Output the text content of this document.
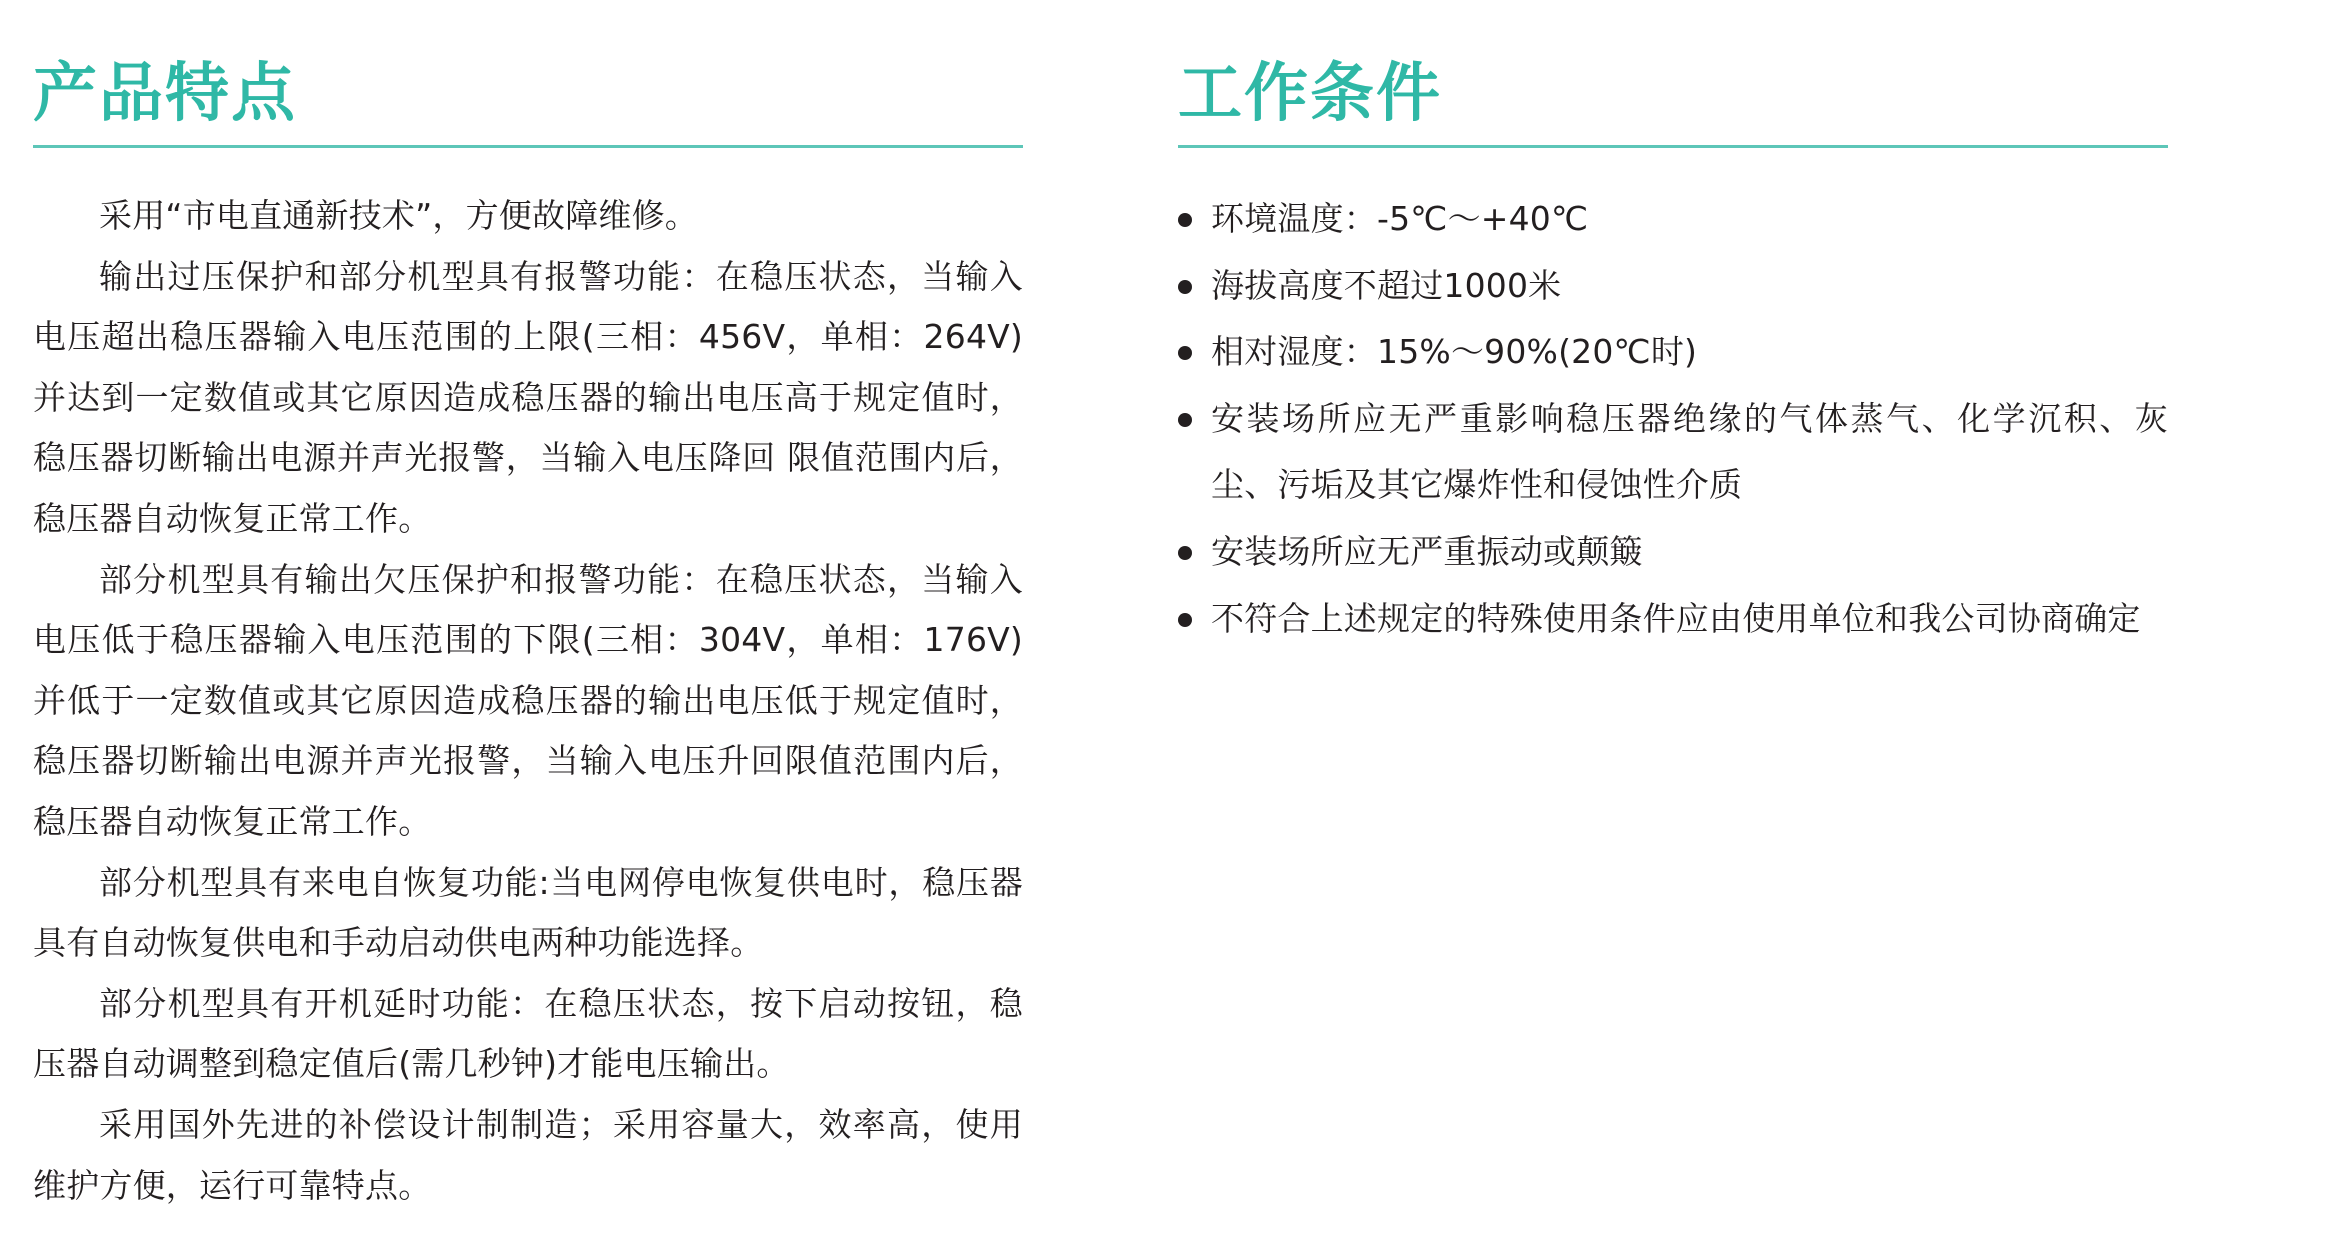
产品特点

采用“市电直通新技术”，方便故障维修。

输出过压保护和部分机型具有报警功能：在稳压状态，当输入电压超出稳压器输入电压范围的上限(三相：456V，单相：264V)并达到一定数值或其它原因造成稳压器的输出电压高于规定值时，稳压器切断输出电源并声光报警，当输入电压降回 限值范围内后，稳压器自动恢复正常工作。

部分机型具有输出欠压保护和报警功能：在稳压状态，当输入电压低于稳压器输入电压范围的下限(三相：304V，单相：176V)并低于一定数值或其它原因造成稳压器的输出电压低于规定值时，稳压器切断输出电源并声光报警，当输入电压升回限值范围内后，稳压器自动恢复正常工作。

部分机型具有来电自恢复功能:当电网停电恢复供电时，稳压器具有自动恢复供电和手动启动供电两种功能选择。

部分机型具有开机延时功能：在稳压状态，按下启动按钮，稳压器自动调整到稳定值后(需几秒钟)才能电压输出。

采用国外先进的补偿设计制制造；采用容量大，效率高，使用维护方便，运行可靠特点。

工作条件
环境温度：-5℃～+40℃
海拔高度不超过1000米
相对湿度：15%～90%(20℃时)
安装场所应无严重影响稳压器绝缘的气体蒸气、化学沉积、灰尘、污垢及其它爆炸性和侵蚀性介质
安装场所应无严重振动或颠簸
不符合上述规定的特殊使用条件应由使用单位和我公司协商确定
